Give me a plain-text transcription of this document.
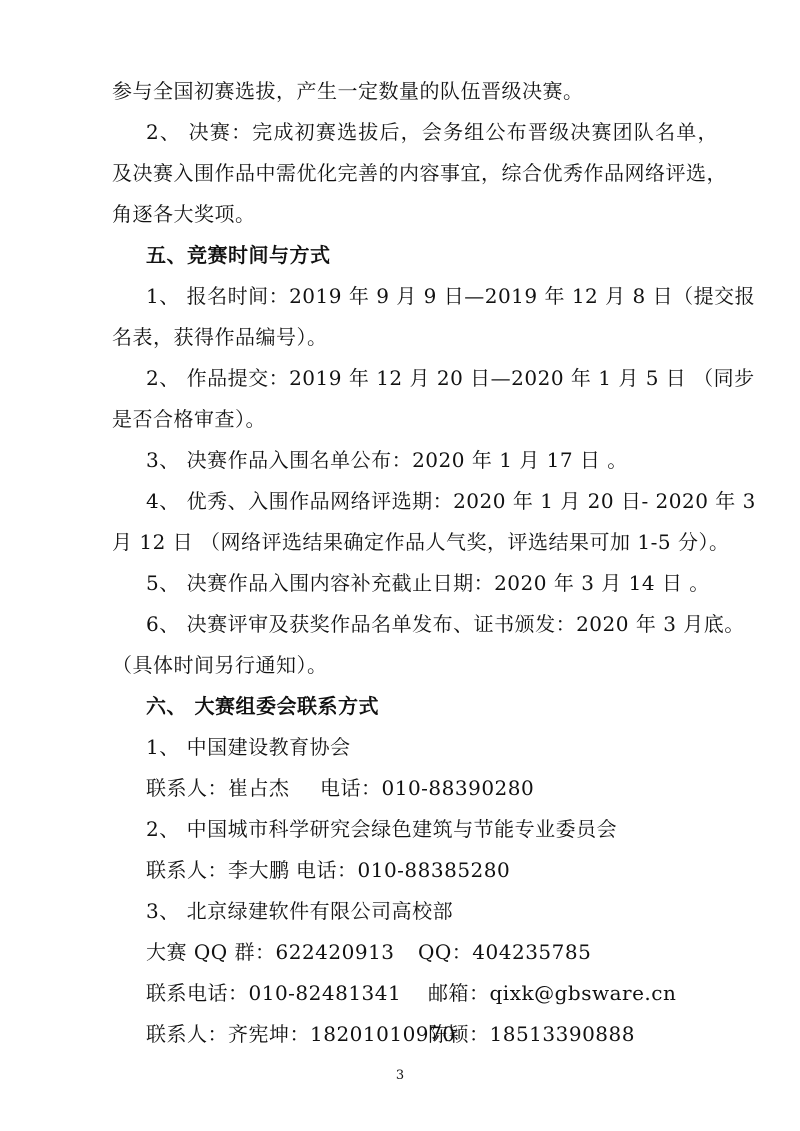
参与全国初赛选拔，产生一定数量的队伍晋级决赛。
2、 决赛：完成初赛选拔后，会务组公布晋级决赛团队名单，
及决赛入围作品中需优化完善的内容事宜，综合优秀作品网络评选，
角逐各大奖项。
五、竞赛时间与方式
1、 报名时间：2019 年 9 月 9 日—2019 年 12 月 8 日（提交报
名表，获得作品编号）。
2、 作品提交：2019 年 12 月 20 日—2020 年 1 月 5 日 （同步
是否合格审查）。
3、 决赛作品入围名单公布：2020 年 1 月 17 日 。
4、 优秀、入围作品网络评选期：2020 年 1 月 20 日- 2020 年 3
月 12 日 （网络评选结果确定作品人气奖，评选结果可加 1-5 分）。
5、 决赛作品入围内容补充截止日期：2020 年 3 月 14 日 。
6、 决赛评审及获奖作品名单发布、证书颁发：2020 年 3 月底。
（具体时间另行通知）。
六、 大赛组委会联系方式
1、 中国建设教育协会
联系人：崔占杰 电话：010-88390280
2、 中国城市科学研究会绿色建筑与节能专业委员会
联系人：李大鹏 电话：010-88385280
3、 北京绿建软件有限公司高校部
大赛 QQ 群：622420913 QQ：404235785
3
联系电话：010-82481341 邮箱：qixk@gbsware.cn
联系人：齐宪坤：18201010970
陈颖：18513390888
